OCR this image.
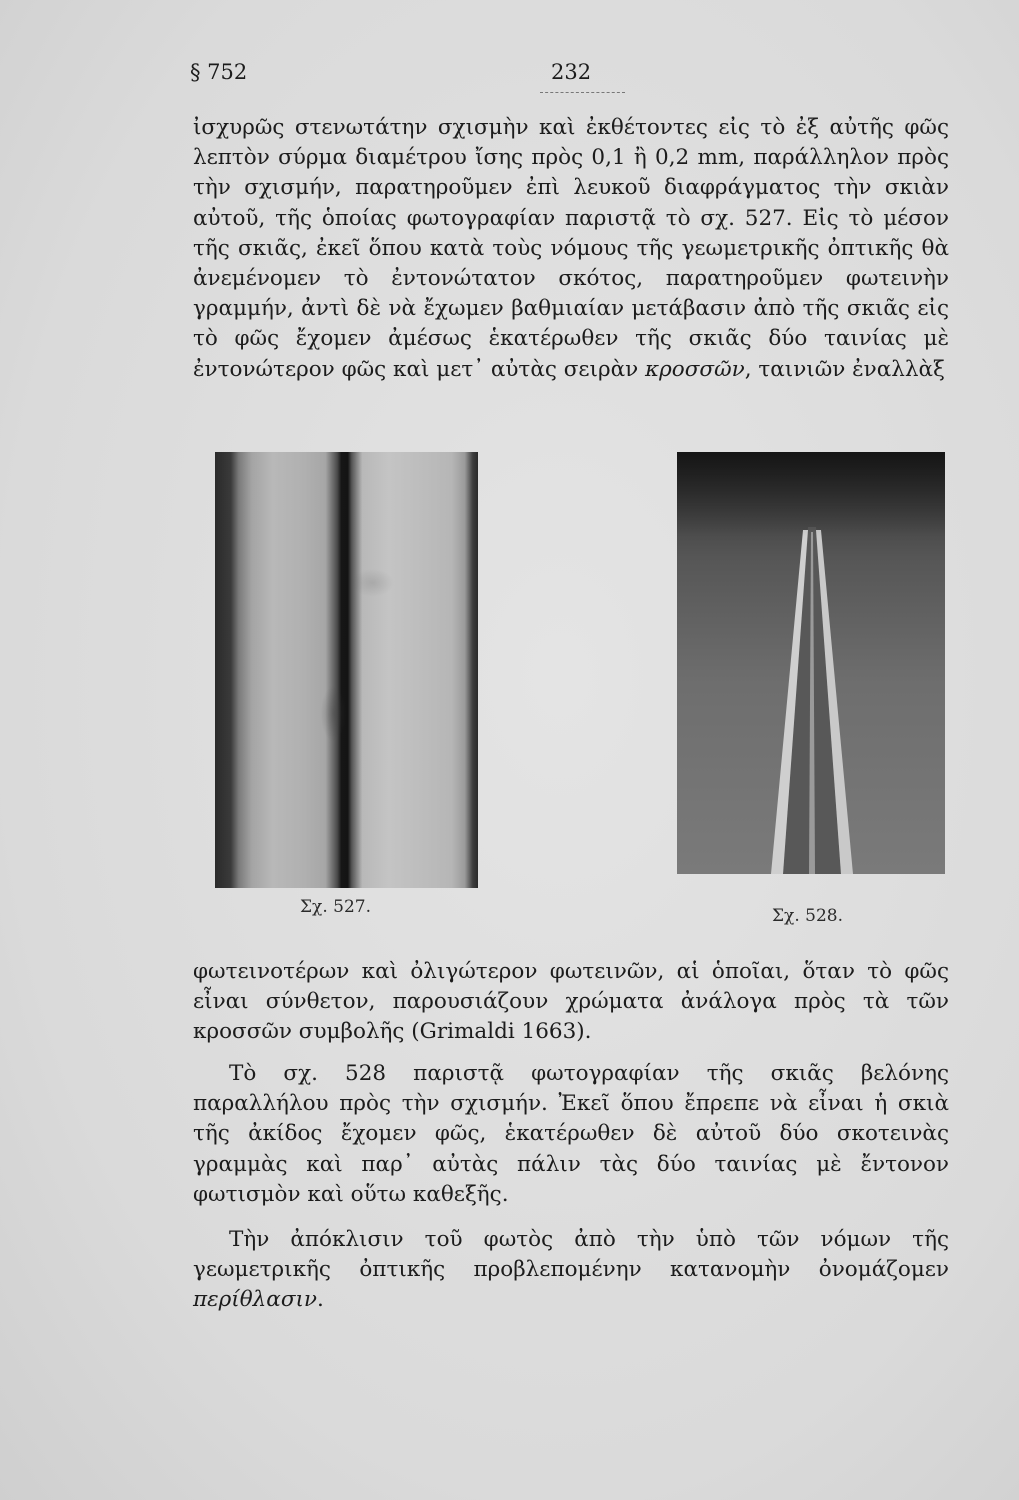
§ 752	232

ἰσχυρῶς στενωτάτην σχισμὴν καὶ ἐκθέτοντες εἰς τὸ ἐξ αὐτῆς φῶς λεπτὸν σύρμα διαμέτρου ἴσης πρὸς 0,1 ἢ 0,2 mm, παράλληλον πρὸς τὴν σχισμήν, παρατηροῦμεν ἐπὶ λευκοῦ διαφράγματος τὴν σκιὰν αὐτοῦ, τῆς ὁποίας φωτογραφίαν παριστᾷ τὸ σχ. 527. Εἰς τὸ μέσον τῆς σκιᾶς, ἐκεῖ ὅπου κατὰ τοὺς νόμους τῆς γεωμετρικῆς ὀπτικῆς θὰ ἀνεμένομεν τὸ ἐντονώτατον σκότος, παρατηροῦμεν φωτεινὴν γραμμήν, ἀντὶ δὲ νὰ ἔχωμεν βαθμιαίαν μετάβασιν ἀπὸ τῆς σκιᾶς εἰς τὸ φῶς ἔχομεν ἀμέσως ἑκατέρωθεν τῆς σκιᾶς δύο ταινίας μὲ ἐντονώτερον φῶς καὶ μετ᾽ αὐτὰς σειρὰν κροσσῶν, ταινιῶν ἐναλλὰξ

Σχ. 527.	Σχ. 528.

φωτεινοτέρων καὶ ὀλιγώτερον φωτεινῶν, αἱ ὁποῖαι, ὅταν τὸ φῶς εἶναι σύνθετον, παρουσιάζουν χρώματα ἀνάλογα πρὸς τὰ τῶν κροσσῶν συμβολῆς (Grimaldi 1663).

Τὸ σχ. 528 παριστᾷ φωτογραφίαν τῆς σκιᾶς βελόνης παραλλήλου πρὸς τὴν σχισμήν. Ἐκεῖ ὅπου ἔπρεπε νὰ εἶναι ἡ σκιὰ τῆς ἀκίδος ἔχομεν φῶς, ἑκατέρωθεν δὲ αὐτοῦ δύο σκοτεινὰς γραμμὰς καὶ παρ᾽ αὐτὰς πάλιν τὰς δύο ταινίας μὲ ἔντονον φωτισμὸν καὶ οὕτω καθεξῆς.

Τὴν ἀπόκλισιν τοῦ φωτὸς ἀπὸ τὴν ὑπὸ τῶν νόμων τῆς γεωμετρικῆς ὀπτικῆς προβλεπομένην κατανομὴν ὀνομάζομεν περίθλασιν.
